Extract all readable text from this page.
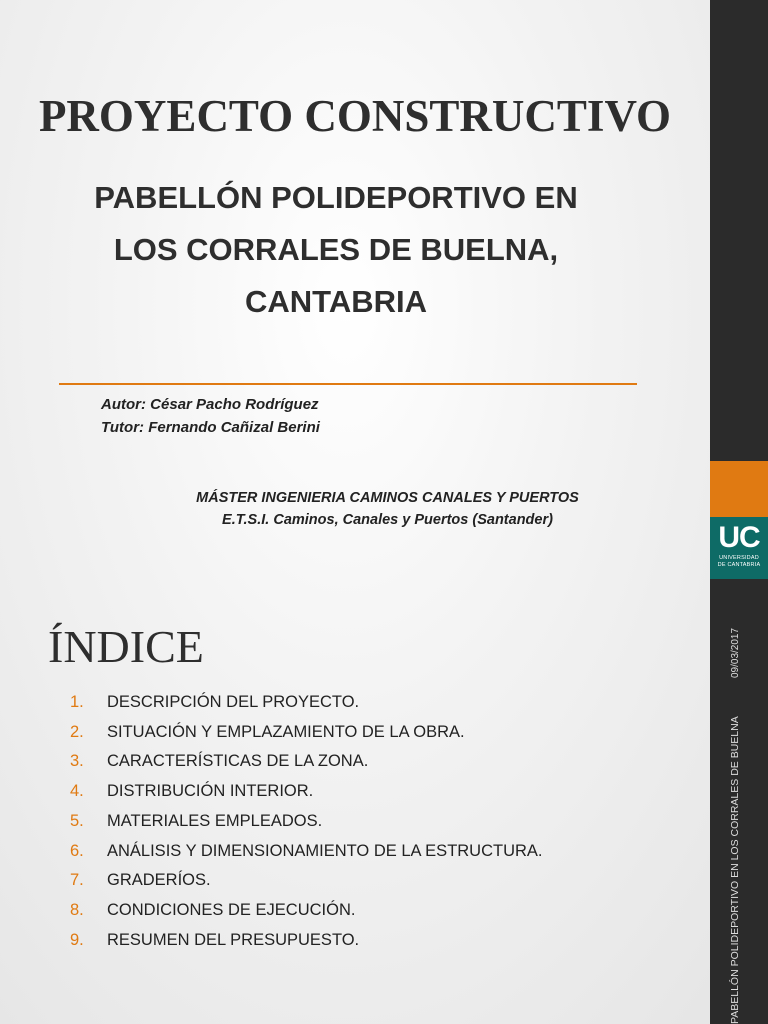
PROYECTO CONSTRUCTIVO
PABELLÓN POLIDEPORTIVO EN
LOS CORRALES DE BUELNA,
CANTABRIA
Autor: César Pacho Rodríguez
Tutor: Fernando Cañizal Berini
MÁSTER INGENIERIA CAMINOS CANALES Y PUERTOS
E.T.S.I. Caminos, Canales y Puertos (Santander)
ÍNDICE
1.	DESCRIPCIÓN DEL PROYECTO.
2.	SITUACIÓN Y EMPLAZAMIENTO DE LA OBRA.
3.	CARACTERÍSTICAS DE LA ZONA.
4.	DISTRIBUCIÓN INTERIOR.
5.	MATERIALES EMPLEADOS.
6.	ANÁLISIS Y DIMENSIONAMIENTO DE LA ESTRUCTURA.
7.	GRADERÍOS.
8.	CONDICIONES DE EJECUCIÓN.
9.	RESUMEN DEL PRESUPUESTO.
UC
UNIVERSIDAD
DE CANTABRIA
09/03/2017
PABELLÓN POLIDEPORTIVO EN LOS CORRALES DE BUELNA
